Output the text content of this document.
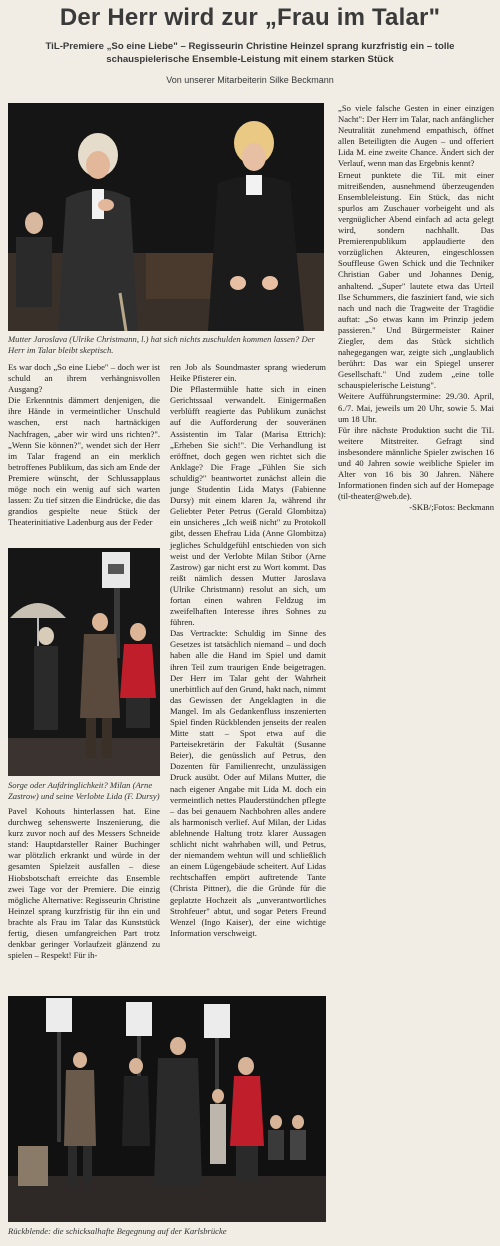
Der Herr wird zur „Frau im Talar"
TiL-Premiere „So eine Liebe" – Regisseurin Christine Heinzel sprang kurzfristig ein – tolle schauspielerische Ensemble-Leistung mit einem starken Stück
Von unserer Mitarbeiterin Silke Beckmann
Mutter Jaroslava (Ulrike Christmann, l.) hat sich nichts zuschulden kommen lassen? Der Herr im Talar bleibt skeptisch.

„So viele falsche Gesten in einer einzigen Nacht": Der Herr im Talar, nach anfänglicher Neutralität zunehmend empathisch, öffnet allen Beteiligten die Augen – und offeriert Lida M. eine zweite Chance. Ändert sich der Verlauf, wenn man das Ergebnis kennt?

Erneut punktete die TiL mit einer mitreißenden, ausnehmend überzeugenden Ensembleleistung. Ein Stück, das nicht spurlos am Zuschauer vorbeigeht und als vergnüglicher Abend einfach ad acta gelegt wird, sondern nachhallt. Das Premierenpublikum applaudierte den vorzüglichen Akteuren, eingeschlossen Souffleuse Gwen Schick und die Techniker Christian Gaber und Johannes Denig, anhaltend. „Super" lautete etwa das Urteil Ilse Schummers, die fasziniert fand, wie sich nach und nach die Tragweite der Tragödie auftat: „So etwas kann im Prinzip jedem passieren." Und Bürgermeister Rainer Ziegler, dem das Stück sichtlich nahegegangen war, zeigte sich „unglaublich berührt: Das war ein Spiegel unserer Gesellschaft." Und zudem „eine tolle schauspielerische Leistung".

Weitere Aufführungstermine: 29./30. April, 6./7. Mai, jeweils um 20 Uhr, sowie 5. Mai um 18 Uhr.

Für ihre nächste Produktion sucht die TiL weitere Mitstreiter. Gefragt sind insbesondere männliche Spieler zwischen 16 und 40 Jahren sowie weibliche Spieler im Alter von 16 bis 30 Jahren. Nähere Informationen finden sich auf der Homepage (til-theater@web.de).

-SKB/;Fotos: Beckmann

Es war doch „So eine Liebe" – doch wer ist schuld an ihrem verhängnisvollen Ausgang?

Die Erkenntnis dämmert denjenigen, die ihre Hände in vermeintlicher Unschuld waschen, erst nach hartnäckigen Nachfragen, „aber wir wird uns richten?". „Wenn Sie können?", wendet sich der Herr im Talar fragend an ein merklich betroffenes Publikum, das sich am Ende der Premiere wünscht, der Schlussapplaus möge noch ein wenig auf sich warten lassen: Zu tief sitzen die Eindrücke, die das grandios gespielte neue Stück der Theaterinitiative Ladenburg aus der Feder

Sorge oder Aufdringlichkeit? Milan (Arne Zastrow) und seine Verlobte Lida (F. Dursy)

Pavel Kohouts hinterlassen hat. Eine durchweg sehenswerte Inszenierung, die kurz zuvor noch auf des Messers Schneide stand: Hauptdarsteller Rainer Buchinger war plötzlich erkrankt und würde in der gesamten Spielzeit ausfallen – diese Hiobsbotschaft erreichte das Ensemble zwei Tage vor der Premiere. Die einzig mögliche Alternative: Regisseurin Christine Heinzel sprang kurzfristig für ihn ein und brachte als Frau im Talar das Kunststück fertig, diesen umfangreichen Part trotz denkbar geringer Vorlaufzeit glänzend zu spielen – Respekt! Für ih-

ren Job als Soundmaster sprang wiederum Heike Pfisterer ein.

Die Pflastermühle hatte sich in einen Gerichtssaal verwandelt. Einigermaßen verblüfft reagierte das Publikum zunächst auf die Aufforderung der souveränen Assistentin im Talar (Marisa Ettrich): „Erheben Sie sich!". Die Verhandlung ist eröffnet, doch gegen wen richtet sich die Anklage? Die Frage „Fühlen Sie sich schuldig?" beantwortet zunächst allein die junge Studentin Lida Matys (Fabienne Dursy) mit einem klaren Ja, während ihr Geliebter Peter Petrus (Gerald Glombitza) ein unsicheres „Ich weiß nicht" zu Protokoll gibt, dessen Ehefrau Lida (Anne Glombitza) jegliches Schuldgefühl entschieden von sich weist und der Verlobte Milan Stibor (Arne Zastrow) gar nicht erst zu Wort kommt. Das reißt nämlich dessen Mutter Jaroslava (Ulrike Christmann) resolut an sich, um fortan einen wahren Feldzug im zweifelhaften Interesse ihres Sohnes zu führen.

Das Vertrackte: Schuldig im Sinne des Gesetzes ist tatsächlich niemand – und doch haben alle die Hand im Spiel und damit ihren Teil zum traurigen Ende beigetragen. Der Herr im Talar geht der Wahrheit unerbittlich auf den Grund, hakt nach, nimmt das Gewissen der Angeklagten in die Mangel. Im als Gedankenfluss inszenierten Spiel finden Rückblenden jenseits der realen Mitte statt – Spot etwa auf die Parteisekretärin der Fakultät (Susanne Beier), die genüsslich auf Petrus, den Dozenten für Familienrecht, unzulässigen Druck ausübt. Oder auf Milans Mutter, die nach eigener Angabe mit Lida M. doch ein vermeintlich nettes Plauderstündchen pflegte – das bei genauem Nachbohren alles andere als harmonisch verlief. Auf Milan, der Lidas ablehnende Haltung trotz klarer Aussagen schlicht nicht wahrhaben will, und Petrus, der niemandem wehtun will und schließlich an einem Lügengebäude scheitert. Auf Lidas rechtschaffen empört auftretende Tante (Christa Pittner), die die Gründe für die geplatzte Hochzeit als „unverantwortliches Strohfeuer" abtut, und sogar Peters Freund Wenzel (Ingo Kaiser), der eine wichtige Information verschweigt.

Rückblende: die schicksalhafte Begegnung auf der Karlsbrücke
